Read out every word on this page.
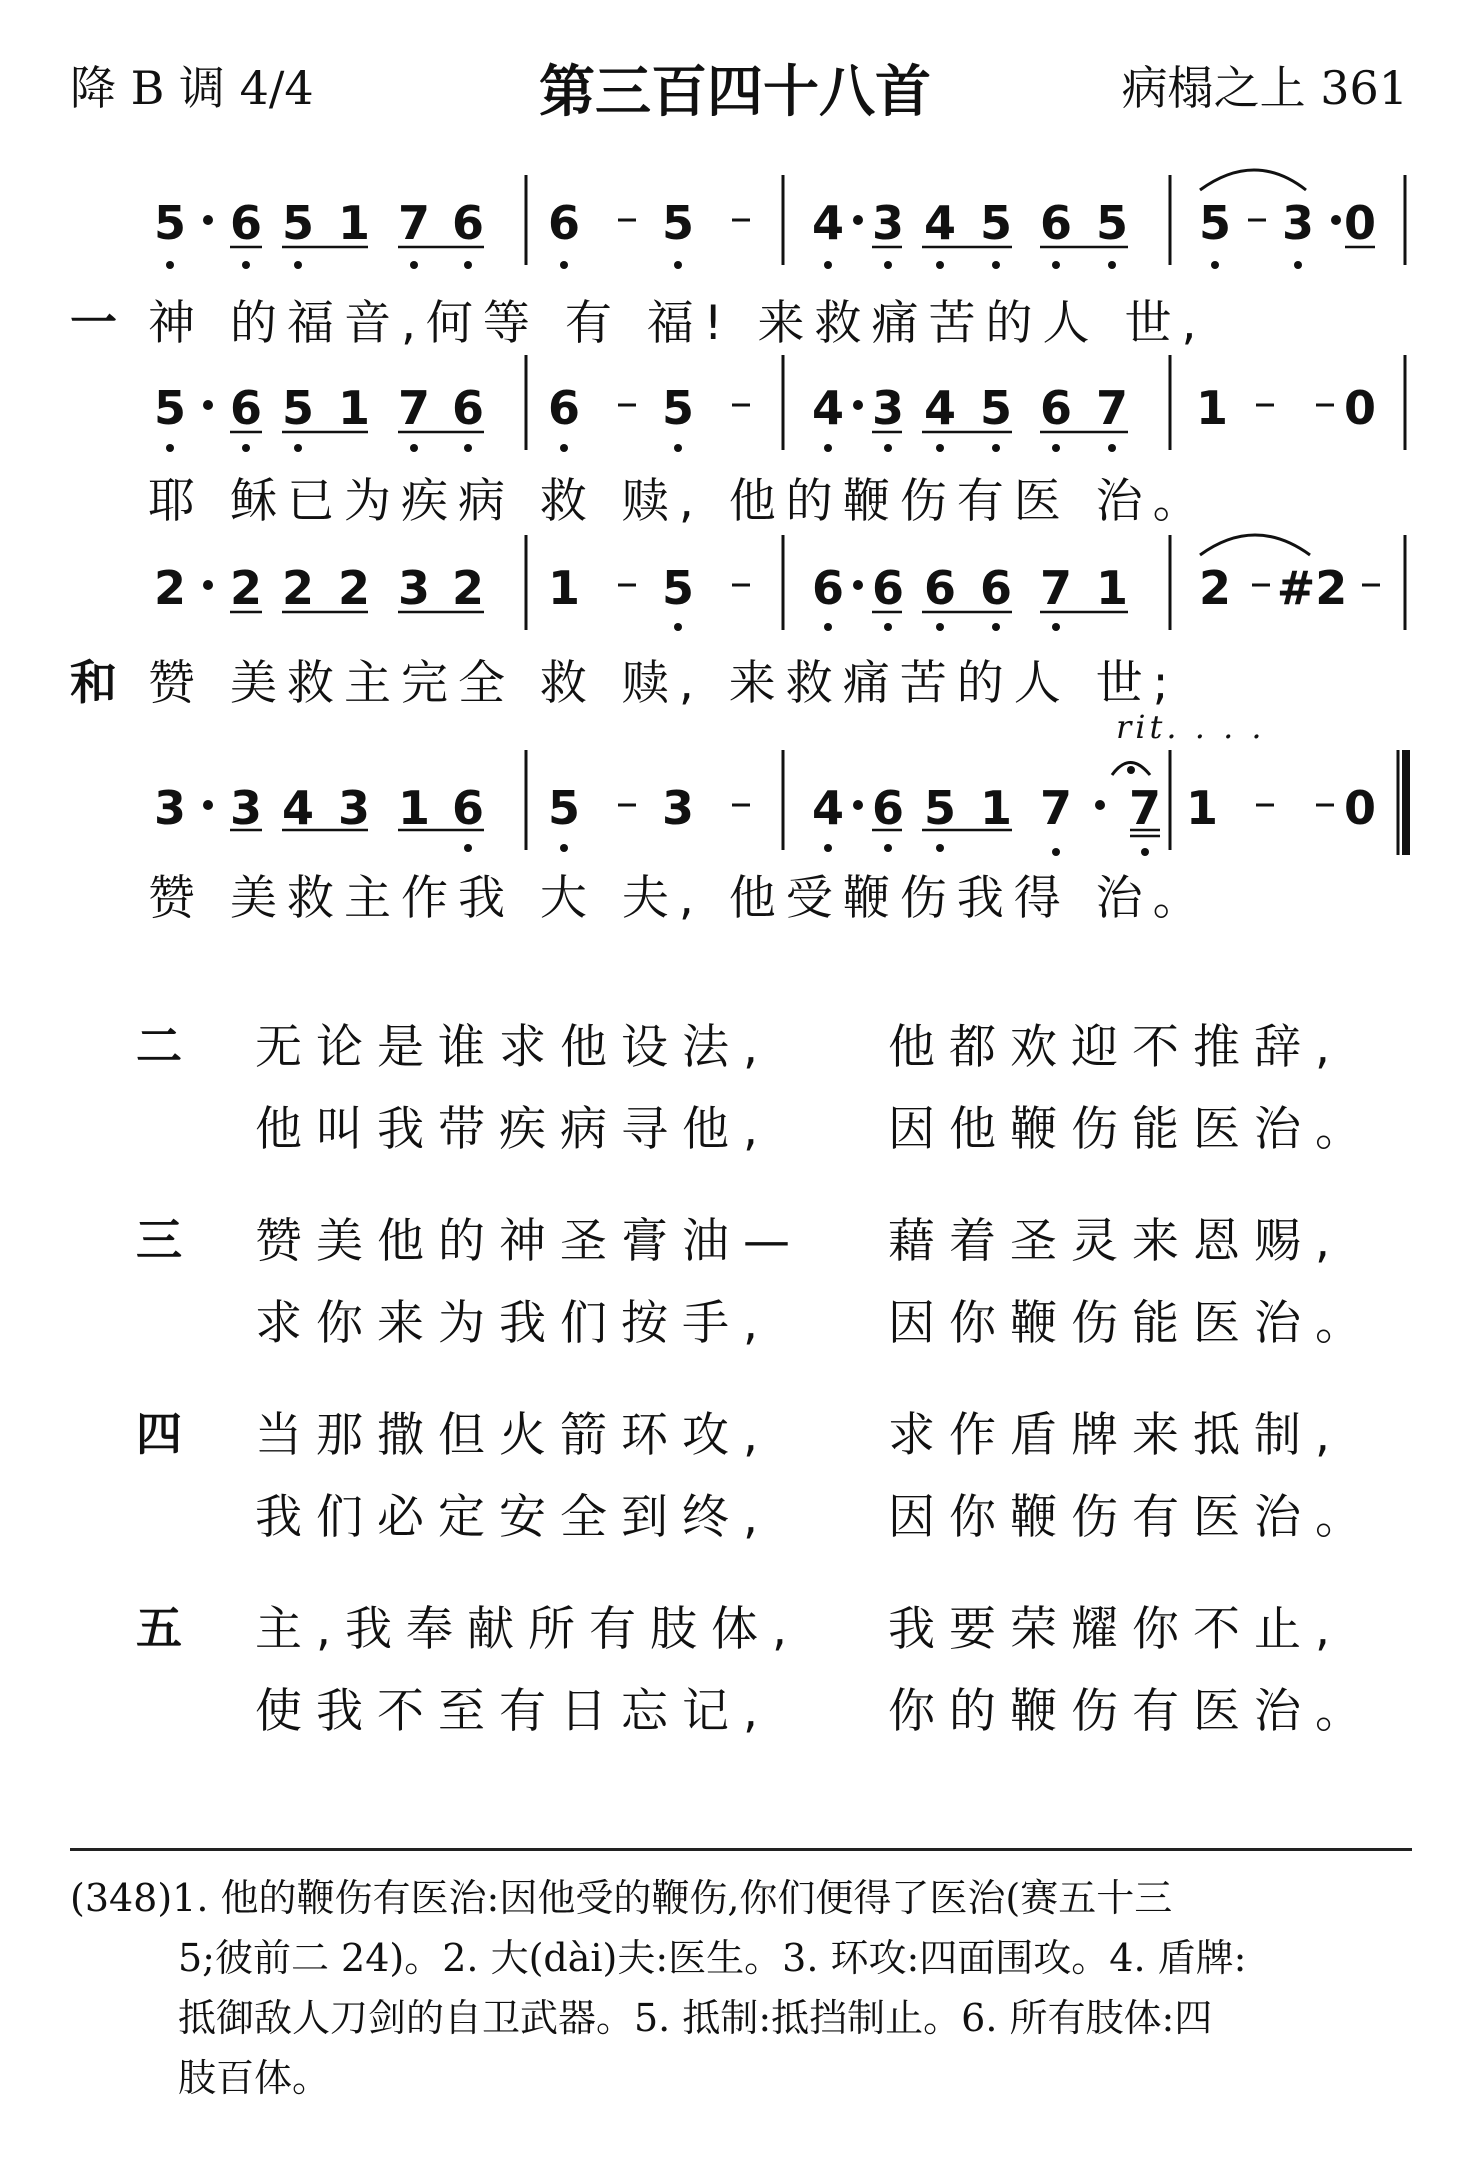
降 B 调 4/4	第三百四十八首	病榻之上 361
5 6 5 1 7 6 6 5	4 3 4 5 6 5 5 3 0
一 神 的福音,何等 有 福! 来救痛苦的人 世,
5 6 5 1 7 6 6 5	4 3 4 5 6 7 1	0
耶 稣已为疾病 救 赎, 他的鞭伤有医 治。
2 2 2 2 3 2 1 5	6 6 6 6 7 1 2 #2
和 赞 美救主完全 救 赎, 来救痛苦的人 世;
rit. . . .
3 3 4 3 1 6 5 3	4 6 5 1 7 7 1	0
赞 美救主作我 大 夫, 他受鞭伤我得 治。
二 无论是谁求他设法, 他都欢迎不推辞,
他叫我带疾病寻他, 因他鞭伤能医治。
三 赞美他的神圣膏油— 藉着圣灵来恩赐,
求你来为我们按手, 因你鞭伤能医治。
四 当那撒但火箭环攻, 求作盾牌来抵制,
我们必定安全到终, 因你鞭伤有医治。
五 主,我奉献所有肢体, 我要荣耀你不止,
使我不至有日忘记, 你的鞭伤有医治。

(348)1. 他的鞭伤有医治:因他受的鞭伤,你们便得了医治(赛五十三

5;彼前二 24)。2. 大(dài)夫:医生。3. 环攻:四面围攻。4. 盾牌:

抵御敌人刀剑的自卫武器。5. 抵制:抵挡制止。6. 所有肢体:四

肢百体。
